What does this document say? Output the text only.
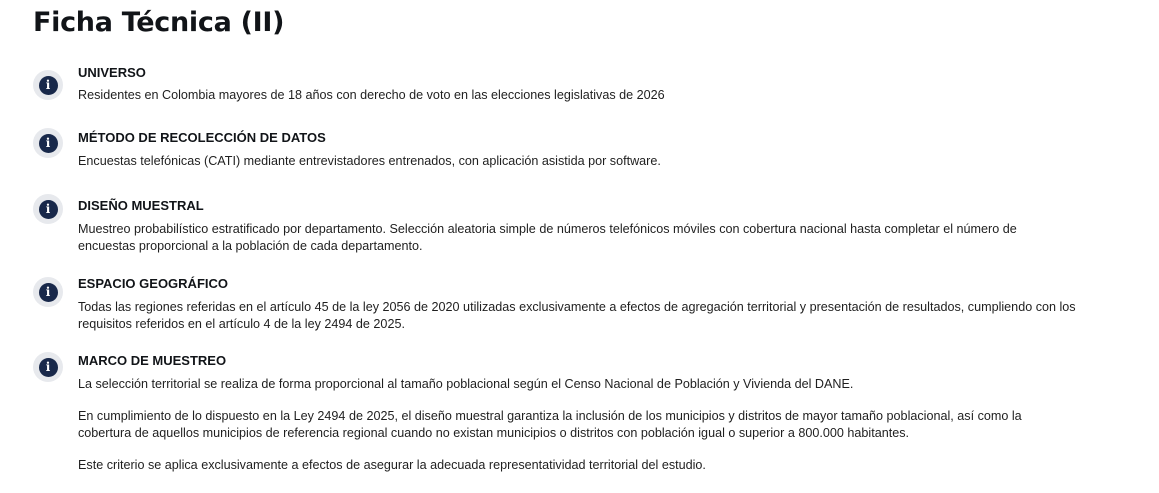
Ficha Técnica (II)
i
UNIVERSO

Residentes en Colombia mayores de 18 años con derecho de voto en las elecciones legislativas de 2026

i	MÉTODO DE RECOLECCIÓN DE DATOS

Encuestas telefónicas (CATI) mediante entrevistadores entrenados, con aplicación asistida por software.

i	DISEÑO MUESTRAL

Muestreo probabilístico estratificado por departamento. Selección aleatoria simple de números telefónicos móviles con cobertura nacional hasta completar el número de encuestas proporcional a la población de cada departamento.

i
ESPACIO GEOGRÁFICO

Todas las regiones referidas en el artículo 45 de la ley 2056 de 2020 utilizadas exclusivamente a efectos de agregación territorial y presentación de resultados, cumpliendo con los requisitos referidos en el artículo 4 de la ley 2494 de 2025.

i	MARCO DE MUESTREO

La selección territorial se realiza de forma proporcional al tamaño poblacional según el Censo Nacional de Población y Vivienda del DANE.

En cumplimiento de lo dispuesto en la Ley 2494 de 2025, el diseño muestral garantiza la inclusión de los municipios y distritos de mayor tamaño poblacional, así como la cobertura de aquellos municipios de referencia regional cuando no existan municipios o distritos con población igual o superior a 800.000 habitantes.

Este criterio se aplica exclusivamente a efectos de asegurar la adecuada representatividad territorial del estudio.
